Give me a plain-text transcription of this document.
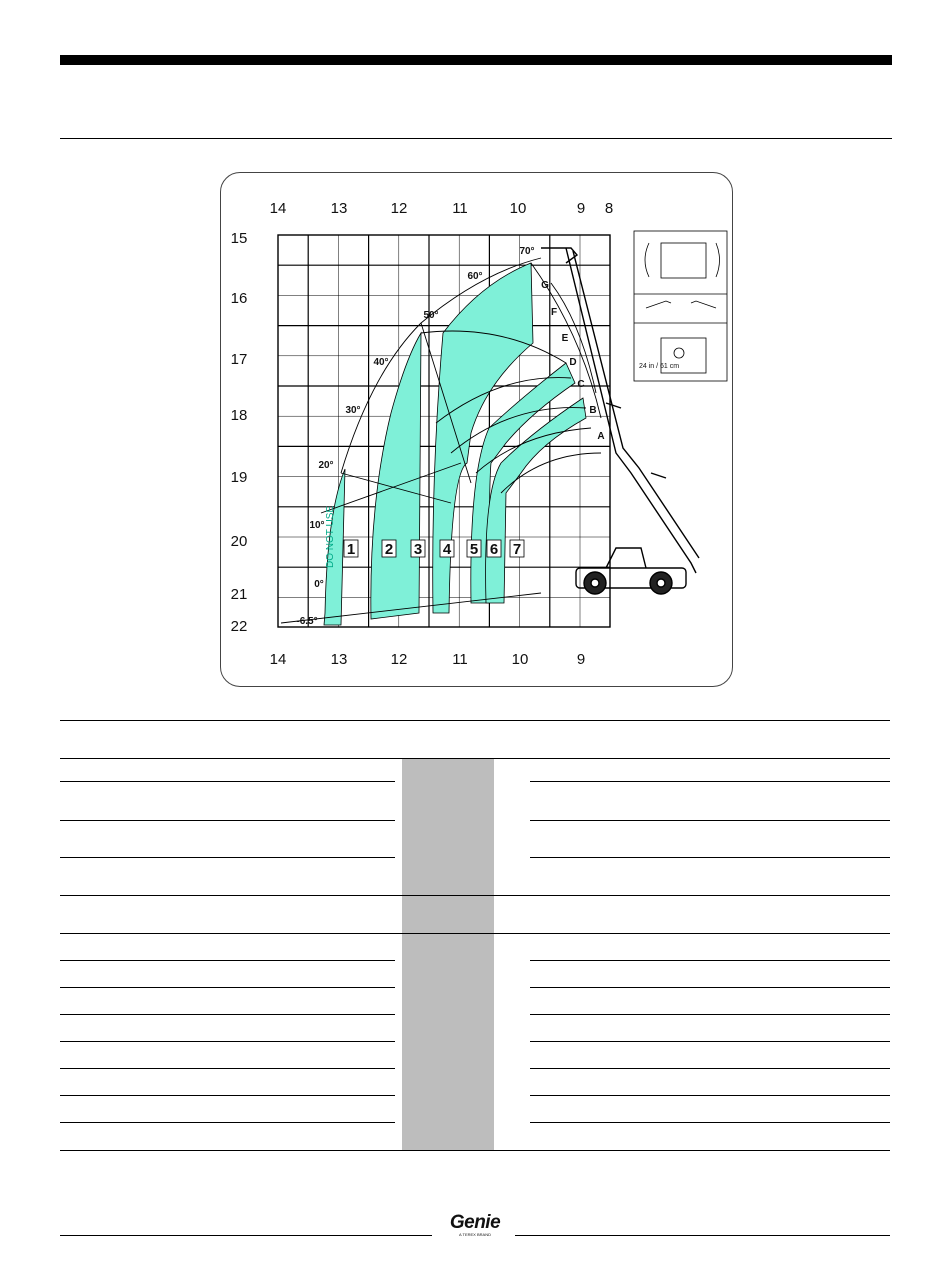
14	13	12	11	10	9 8
14	13	12	11	10	9
15
16
17
18
19
20
21
22
70°
60°
50°
40°
30°
20°
10°
0°
-6.5°
G
F
E
D
C
B
A
1 2 3 4 5 6 7
DO NOT USE
24 in / 61 cm
Genie
A TEREX BRAND
